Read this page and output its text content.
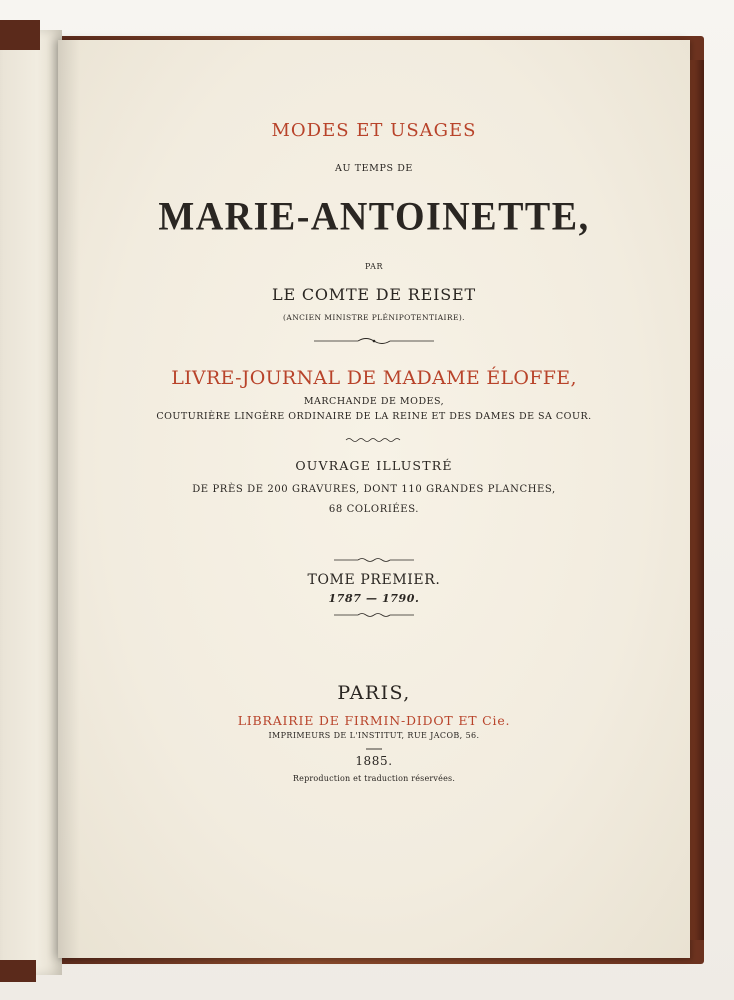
MODES ET USAGES
AU TEMPS DE
MARIE-ANTOINETTE,
PAR
LE COMTE DE REISET
(ANCIEN MINISTRE PLÉNIPOTENTIAIRE).
LIVRE-JOURNAL DE MADAME ÉLOFFE,
MARCHANDE DE MODES,
COUTURIÈRE LINGÈRE ORDINAIRE DE LA REINE ET DES DAMES DE SA COUR.
OUVRAGE ILLUSTRÉ
DE PRÈS DE 200 GRAVURES, DONT 110 GRANDES PLANCHES,
68 COLORIÉES.
TOME PREMIER.
1787 — 1790.
PARIS,
LIBRAIRIE DE FIRMIN-DIDOT ET Cie.
IMPRIMEURS DE L'INSTITUT, RUE JACOB, 56.
1885.
Reproduction et traduction réservées.
